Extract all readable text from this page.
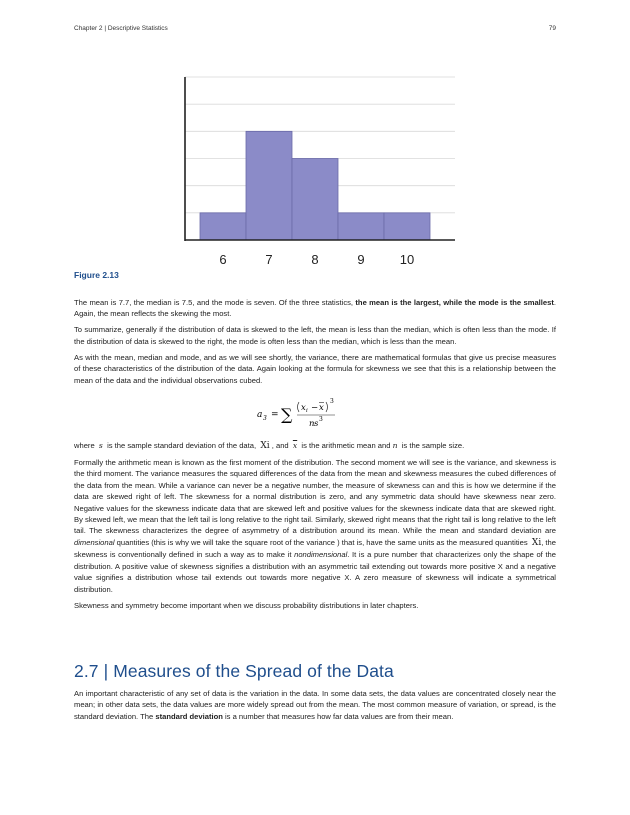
Chapter 2 | Descriptive Statistics	79
6	7	8	9	10
Figure 2.13

The mean is 7.7, the median is 7.5, and the mode is seven. Of the three statistics, the mean is the largest, while the mode is the smallest. Again, the mean reflects the skewing the most.

To summarize, generally if the distribution of data is skewed to the left, the mean is less than the median, which is often less than the mode. If the distribution of data is skewed to the right, the mode is often less than the median, which is less than the mean.

As with the mean, median and mode, and as we will see shortly, the variance, there are mathematical formulas that give us precise measures of these characteristics of the distribution of the data. Again looking at the formula for skewness we see that this is a relationship between the mean of the data and the individual observations cubed.

a 3 = ∑ x i − x
3
n s 3

where s is the sample standard deviation of the data, Xi , and $\overline{x}$ is the arithmetic mean and n is the sample size.

Formally the arithmetic mean is known as the first moment of the distribution. The second moment we will see is the variance, and skewness is the third moment. The variance measures the squared differences of the data from the mean and skewness measures the cubed differences of the data from the mean. While a variance can never be a negative number, the measure of skewness can and this is how we determine if the data are skewed right of left. The skewness for a normal distribution is zero, and any symmetric data should have skewness near zero. Negative values for the skewness indicate data that are skewed left and positive values for the skewness indicate data that are skewed right. By skewed left, we mean that the left tail is long relative to the right tail. Similarly, skewed right means that the right tail is long relative to the left tail. The skewness characterizes the degree of asymmetry of a distribution around its mean. While the mean and standard deviation are dimensional quantities (this is why we will take the square root of the variance ) that is, have the same units as the measured quantities Xi, the skewness is conventionally defined in such a way as to make it nondimensional. It is a pure number that characterizes only the shape of the distribution. A positive value of skewness signifies a distribution with an asymmetric tail extending out towards more positive X and a negative value signifies a distribution whose tail extends out towards more negative X. A zero measure of skewness will indicate a symmetrical distribution.

Skewness and symmetry become important when we discuss probability distributions in later chapters.

2.7 | Measures of the Spread of the Data

An important characteristic of any set of data is the variation in the data. In some data sets, the data values are concentrated closely near the mean; in other data sets, the data values are more widely spread out from the mean. The most common measure of variation, or spread, is the standard deviation. The standard deviation is a number that measures how far data values are from their mean.
